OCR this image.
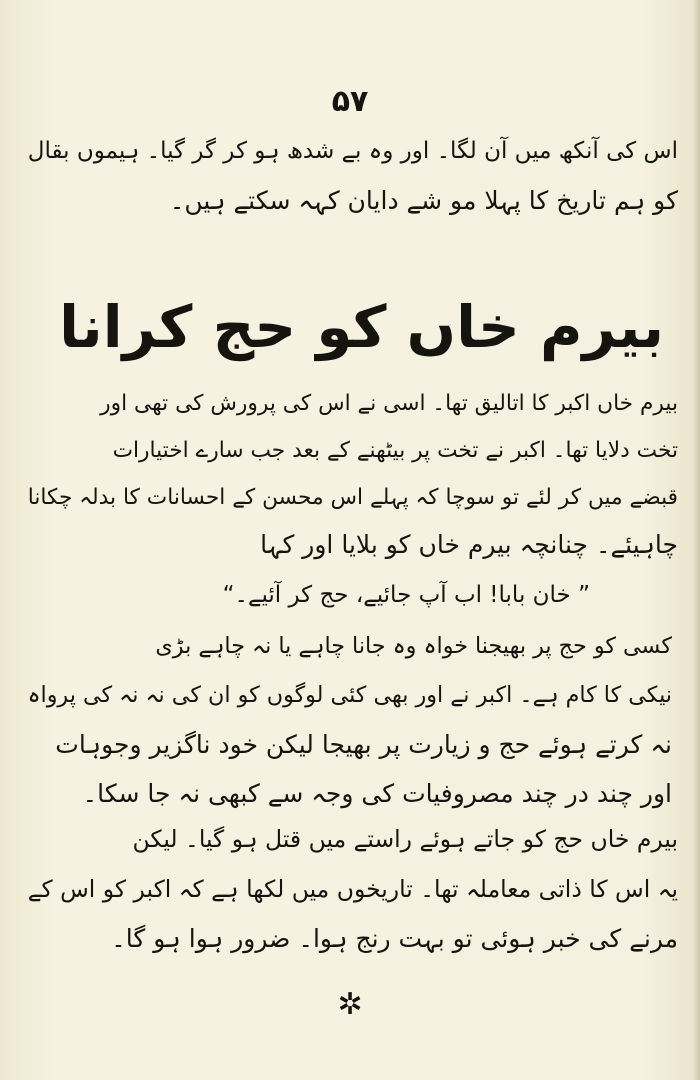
۵۷
اس کی آنکھ میں آن لگا۔ اور وہ بے شدھ ہو کر گر گیا۔ ہیموں بقال
کو ہم تاریخ کا پہلا مو شے دایان کہہ سکتے ہیں۔
بیرم خاں کو حج کرانا
بیرم خاں اکبر کا اتالیق تھا۔ اسی نے اس کی پرورش کی تھی اور
تخت دلایا تھا۔ اکبر نے تخت پر بیٹھنے کے بعد جب سارے اختیارات
قبضے میں کر لئے تو سوچا کہ پہلے اس محسن کے احسانات کا بدلہ چکانا
چاہیئے۔ چنانچہ بیرم خاں کو بلایا اور کہا
” خان بابا! اب آپ جائیے، حج کر آئیے۔“
کسی کو حج پر بھیجنا خواہ وہ جانا چاہے یا نہ چاہے بڑی
نیکی کا کام ہے۔ اکبر نے اور بھی کئی لوگوں کو ان کی نہ نہ کی پرواہ
نہ کرتے ہوئے حج و زیارت پر بھیجا لیکن خود ناگزیر وجوہات
اور چند در چند مصروفیات کی وجہ سے کبھی نہ جا سکا۔
بیرم خاں حج کو جاتے ہوئے راستے میں قتل ہو گیا۔ لیکن
یہ اس کا ذاتی معاملہ تھا۔ تاریخوں میں لکھا ہے کہ اکبر کو اس کے
مرنے کی خبر ہوئی تو بہت رنج ہوا۔ ضرور ہوا ہو گا۔
✲
